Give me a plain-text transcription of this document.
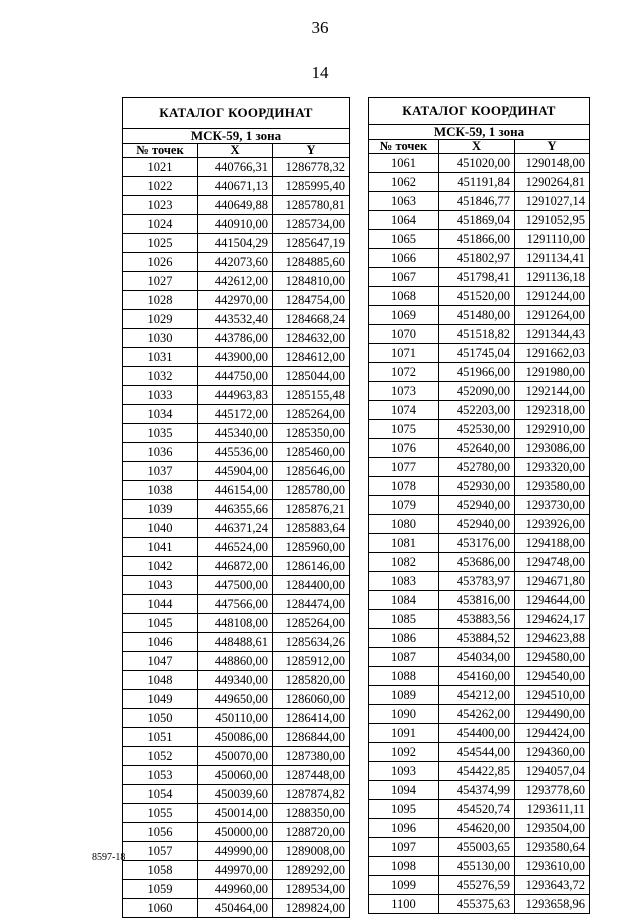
36
14
КАТАЛОГ КООРДИНАТ		
МСК-59, 1 зона		
№ точек	X	Y
1021	440766,31	1286778,32
1022	440671,13	1285995,40
1023	440649,88	1285780,81
1024	440910,00	1285734,00
1025	441504,29	1285647,19
1026	442073,60	1284885,60
1027	442612,00	1284810,00
1028	442970,00	1284754,00
1029	443532,40	1284668,24
1030	443786,00	1284632,00
1031	443900,00	1284612,00
1032	444750,00	1285044,00
1033	444963,83	1285155,48
1034	445172,00	1285264,00
1035	445340,00	1285350,00
1036	445536,00	1285460,00
1037	445904,00	1285646,00
1038	446154,00	1285780,00
1039	446355,66	1285876,21
1040	446371,24	1285883,64
1041	446524,00	1285960,00
1042	446872,00	1286146,00
1043	447500,00	1284400,00
1044	447566,00	1284474,00
1045	448108,00	1285264,00
1046	448488,61	1285634,26
1047	448860,00	1285912,00
1048	449340,00	1285820,00
1049	449650,00	1286060,00
1050	450110,00	1286414,00
1051	450086,00	1286844,00
1052	450070,00	1287380,00
1053	450060,00	1287448,00
1054	450039,60	1287874,82
1055	450014,00	1288350,00
1056	450000,00	1288720,00
1057	449990,00	1289008,00
1058	449970,00	1289292,00
1059	449960,00	1289534,00
1060	450464,00	1289824,00
КАТАЛОГ КООРДИНАТ		
МСК-59, 1 зона		
№ точек	X	Y
1061	451020,00	1290148,00
1062	451191,84	1290264,81
1063	451846,77	1291027,14
1064	451869,04	1291052,95
1065	451866,00	1291110,00
1066	451802,97	1291134,41
1067	451798,41	1291136,18
1068	451520,00	1291244,00
1069	451480,00	1291264,00
1070	451518,82	1291344,43
1071	451745,04	1291662,03
1072	451966,00	1291980,00
1073	452090,00	1292144,00
1074	452203,00	1292318,00
1075	452530,00	1292910,00
1076	452640,00	1293086,00
1077	452780,00	1293320,00
1078	452930,00	1293580,00
1079	452940,00	1293730,00
1080	452940,00	1293926,00
1081	453176,00	1294188,00
1082	453686,00	1294748,00
1083	453783,97	1294671,80
1084	453816,00	1294644,00
1085	453883,56	1294624,17
1086	453884,52	1294623,88
1087	454034,00	1294580,00
1088	454160,00	1294540,00
1089	454212,00	1294510,00
1090	454262,00	1294490,00
1091	454400,00	1294424,00
1092	454544,00	1294360,00
1093	454422,85	1294057,04
1094	454374,99	1293778,60
1095	454520,74	1293611,11
1096	454620,00	1293504,00
1097	455003,65	1293580,64
1098	455130,00	1293610,00
1099	455276,59	1293643,72
1100	455375,63	1293658,96
8597-18
